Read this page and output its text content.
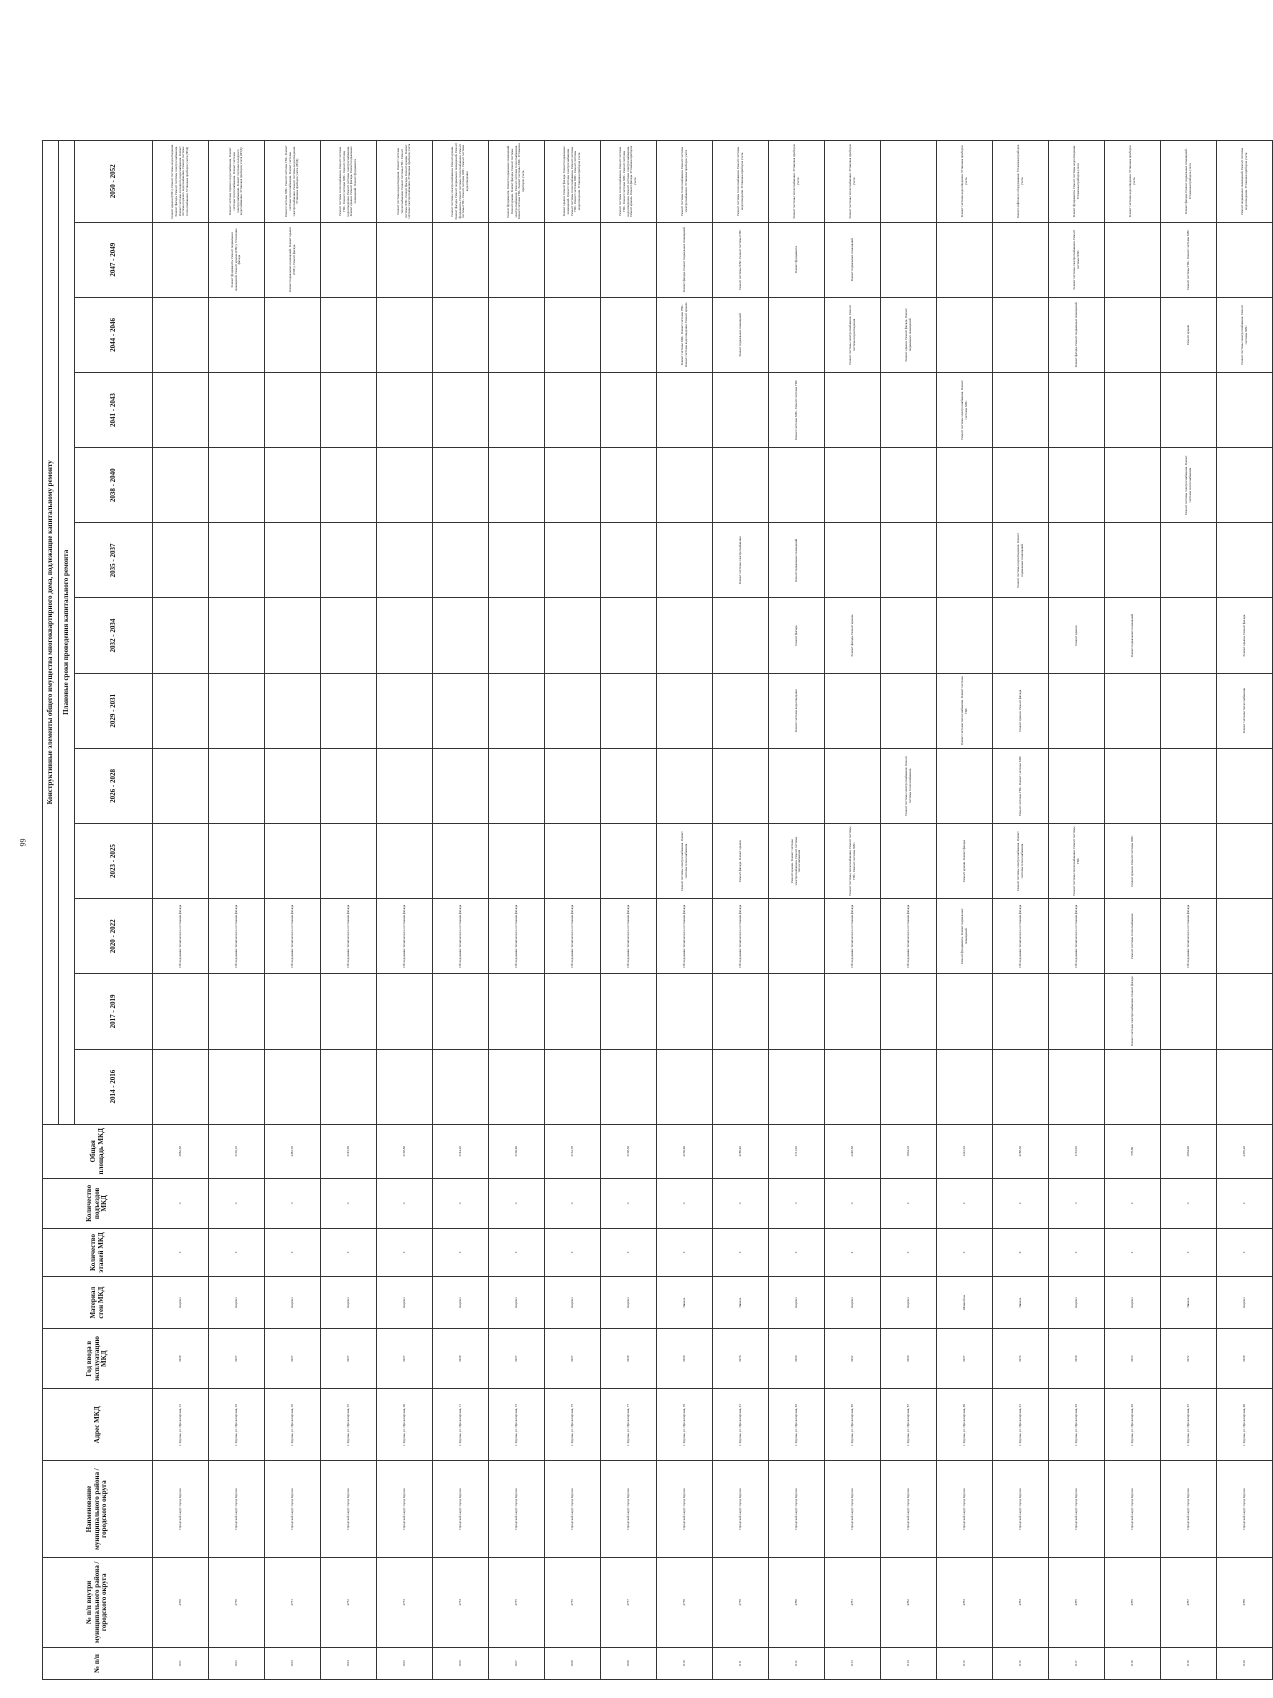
99
№ п/п	№ п/п внутри муниципального района / городского округа	Наименование муниципального района / городского округа	Адрес МКД	Год ввода в эксплуатацию МКД	Материал стен МКД	Количество этажей МКД	Количество подъездов МКД	Общая площадь МКД	Конструктивные элементы общего имущества многоквартирного дома, подлежащие капитальному ремонту												
									Плановые сроки проведения капитального ремонта												
									2014 - 2016	2017 - 2019	2020 - 2022	2023 - 2025	2026 - 2028	2029 - 2031	2032 - 2034	2035 - 2037	2038 - 2040	2041 - 2043	2044 - 2046	2047 - 2049	2050 - 2052
1101	4769	Городской округ город Курган	г. Курган, ул. Пролетарская, 61	1968	Кирпич	5	4	3082,50			Обследование технического состояния фасада										Ремонт крыши (РПС). Ремонт системы водоотведения. Ремонт фасада. Ремонт системы электроснабжения. Ремонт системы холодного водоснабжения. Ремонт системы горячего водоснабжения. Ремонт системы теплоснабжения. Установка приборов учета (ПУД)
1102	4770	Городской округ город Курган	г. Курган, ул. Пролетарская, 63	1967	Кирпич	5	4	3136,10			Обследование технического состояния фасада									Ремонт фундамента. Ремонт подвальных помещений. Ремонт крыши (РПС). Утепление фасада	Ремонт системы горячего водоснабжения. Ремонт системы теплоснабжения. Ремонт системы электроснабжения. Ремонт системы холодного водоснабжения. Установка приборов учета (ПУД)
1103	4771	Городской округ город Курган	г. Курган, ул. Пролетарская, 65	1967	Кирпич	5	3	2483,70			Обследование технического состояния фасада									Ремонт подвальных помещений. Ремонт крыши (РПС). Ремонт фасада	Ремонт системы ХВС. Ремонт системы ГВС. Ремонт системы теплоснабжения. Ремонт системы электроснабжения. Ремонт системы водоотведения. Установка приборов учета (ПУД)
1104	4772	Городской округ город Курган	г. Курган, ул. Пролетарская, 67	1967	Кирпич	5	4	3145,50			Обследование технического состояния фасада										Ремонт системы теплоснабжения. Ремонт системы ГВС. Ремонт системы ХВС. Ремонт системы водоотведения. Ремонт системы электроснабжения. Ремонт крыши. Ремонт фасада. Ремонт подвальных помещений. Ремонт фундамента
1105	4773	Городской округ город Курган	г. Курган, ул. Пролетарская, 69	1967	Кирпич	5	4	3158,80			Обследование технического состояния фасада										Ремонт системы водоотведения. Ремонт системы теплоснабжения. Ремонт системы ГВС. Ремонт системы ХВС. Ремонт фасада. Ремонт крыши. Ремонт системы электроснабжения. Установка приборов учета
1106	4774	Городской округ город Курган	г. Курган, ул. Пролетарская, 71	1968	Кирпич	5	4	3144,20			Обследование технического состояния фасада										Ремонт системы электроснабжения. Ремонт крыши. Ремонт фасада. Ремонт подвальных помещений. Ремонт фундамента. Ремонт системы теплоснабжения. Ремонт системы ГВС. Ремонт системы ХВС. Ремонт системы водоотведения
1107	4775	Городской округ город Курган	г. Курган, ул. Пролетарская, 73	1967	Кирпич	5	4	3160,90			Обследование технического состояния фасада										Ремонт фундамента. Ремонт подвальных помещений. Ремонт крыши. Ремонт фасада. Ремонт системы электроснабжения. Ремонт системы теплоснабжения. Ремонт системы ГВС. Ремонт системы ХВС. Установка приборов учета
1108	4776	Городской округ город Курган	г. Курган, ул. Пролетарская, 75	1967	Кирпич	5	4	3152,70			Обследование технического состояния фасада										Ремонт крыши. Ремонт фасада. Ремонт подвальных помещений. Ремонт системы электроснабжения. Ремонт системы теплоснабжения. Ремонт системы ГВС. Ремонт системы ХВС. Ремонт системы водоотведения. Установка приборов учета
1109	4777	Городской округ город Курган	г. Курган, ул. Пролетарская, 77	1968	Кирпич	5	4	3138,30			Обследование технического состояния фасада										Ремонт системы теплоснабжения. Ремонт системы ГВС. Ремонт системы ХВС. Ремонт системы водоотведения. Ремонт системы электроснабжения. Ремонт крыши. Ремонт фасада. Установка приборов учета
1110	4778	Городской округ город Курган	г. Курган, ул. Пролетарская, 79	1969	Панель	5	4	4160,90			Обследование технического состояния фасада	Ремонт системы электроснабжения. Ремонт системы теплоснабжения							Ремонт системы ХВС. Ремонт системы ГВС. Ремонт системы водоотведения. Ремонт крыши	Ремонт фасада. Ремонт подвальных помещений	Ремонт системы теплоснабжения. Ремонт системы электроснабжения. Установка приборов учета
1111	4779	Городской округ город Курган	г. Курган, ул. Пролетарская, 81	1970	Панель	5	4	4188,40			Обследование технического состояния фасада	Ремонт фасада. Ремонт крыши				Ремонт системы электроснабжения			Ремонт подвальных помещений	Ремонт системы ХВС. Ремонт системы ГВС	Ремонт системы теплоснабжения. Ремонт системы водоотведения. Установка приборов учета
1112	4780	Городской округ город Курган	г. Курган, ул. Пролетарская, 83	1960	Кирпич	3	3	1711,60				Ремонт крыши. Ремонт системы электроснабжения. Ремонт системы теплоснабжения		Ремонт системы водоотведения	Ремонт фасада	Ремонт подвальных помещений		Ремонт системы ХВС. Ремонт системы ГВС		Ремонт фундамента	Ремонт системы теплоснабжения. Установка приборов учета
1113	4781	Городской округ город Курган	г. Курган, ул. Пролетарская, 85	1962	Кирпич	4	4	2248,50			Обследование технического состояния фасада	Ремонт системы теплоснабжения. Ремонт системы ГВС. Ремонт системы ХВС			Ремонт фасада. Ремонт крыши				Ремонт системы электроснабжения. Ремонт системы водоотведения	Ремонт подвальных помещений	Ремонт системы теплоснабжения. Установка приборов учета
1114	4782	Городской округ город Курган	г. Курган, ул. Пролетарская, 87	1960	Кирпич	3	2	1064,10			Обследование технического состояния фасада		Ремонт системы электроснабжения. Ремонт системы теплоснабжения						Ремонт крыши. Ремонт фасада. Ремонт подвальных помещений		
1115	4783	Городской округ город Курган	г. Курган, ул. Пролетарская, 89	1957	Шлакоблок	3	2	1222,10			Ремонт фундамента. Ремонт подвальных помещений	Ремонт крыши. Ремонт фасада		Ремонт системы теплоснабжения. Ремонт системы ГВС				Ремонт системы электроснабжения. Ремонт системы ХВС			Ремонт системы водоотведения. Установка приборов учета
1116	4784	Городской округ город Курган	г. Курган, ул. Пролетарская, 91	1974	Панель	9	2	4188,30			Обследование технического состояния фасада	Ремонт системы электроснабжения. Ремонт системы теплоснабжения	Ремонт системы ГВС. Ремонт системы ХВС	Ремонт крыши. Ремонт фасада		Ремонт системы водоотведения. Ремонт подвальных помещений					Ремонт лифтового оборудования. Установка приборов учета
1117	4785	Городской округ город Курган	г. Курган, ул. Пролетарская, 93	1959	Кирпич	3	3	1153,60			Обследование технического состояния фасада	Ремонт системы теплоснабжения. Ремонт системы ГВС			Ремонт крыши				Ремонт фасада. Ремонт подвальных помещений	Ремонт системы электроснабжения. Ремонт системы ХВС	Ремонт фундамента. Ремонт системы водоотведения. Установка приборов учета
1118	4786	Городской округ город Курган	г. Курган, ул. Пролетарская, 95	1953	Кирпич	2	2	578,80		Ремонт системы электроснабжения. Ремонт фасада	Ремонт системы теплоснабжения	Ремонт крыши. Ремонт системы ХВС			Ремонт подвальных помещений						Ремонт системы водоотведения. Установка приборов учета
1119	4787	Городской округ город Курган	г. Курган, ул. Пролетарская, 97	1972	Панель	5	4	2964,00			Обследование технического состояния фасада						Ремонт системы электроснабжения. Ремонт системы теплоснабжения		Ремонт крыши	Ремонт системы ГВС. Ремонт системы ХВС	Ремонт фасада. Ремонт подвальных помещений. Установка приборов учета
1120	4788	Городской округ город Курган	г. Курган, ул. Пролетарская, 99	1968	Кирпич	5	2	2470,20						Ремонт системы теплоснабжения	Ремонт крыши. Ремонт фасада				Ремонт системы электроснабжения. Ремонт системы ХВС		Ремонт подвальных помещений. Ремонт системы водоотведения. Установка приборов учета
